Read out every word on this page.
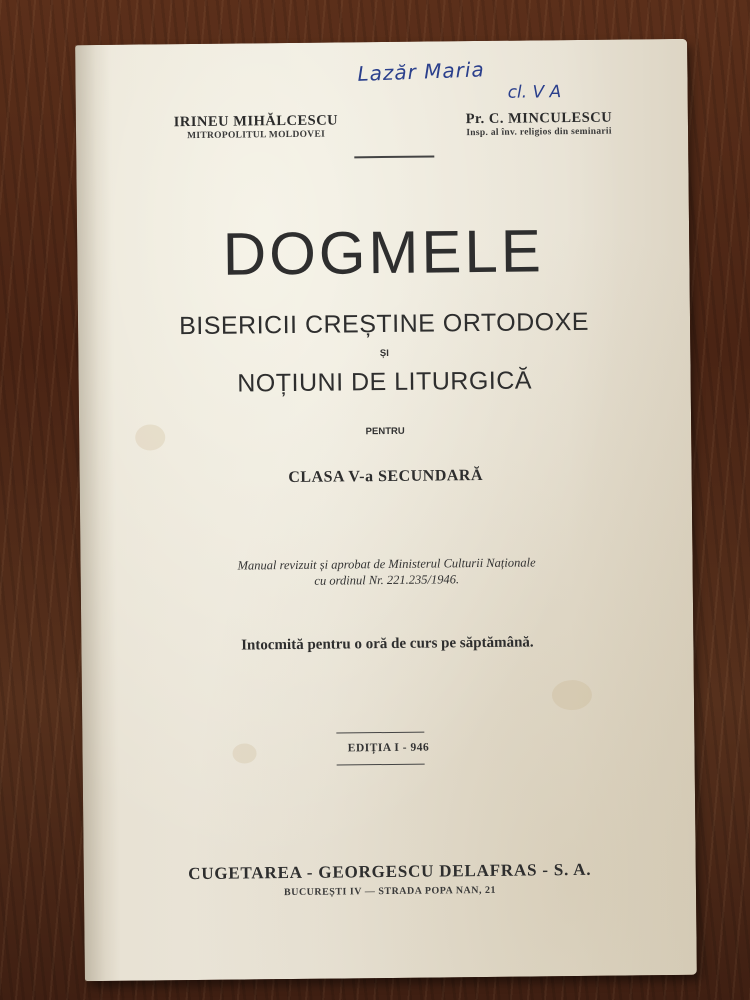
Lazăr Maria
cl. V A
IRINEU MIHĂLCESCU
MITROPOLITUL MOLDOVEI
Pr. C. MINCULESCU
Insp. al înv. religios din seminarii
DOGMELE
BISERICII CREȘTINE ORTODOXE
ȘI
NOȚIUNI DE LITURGICĂ
PENTRU
CLASA V-a SECUNDARĂ
Manual revizuit și aprobat de Ministerul Culturii Naționale
cu ordinul Nr. 221.235/1946.
Intocmită pentru o oră de curs pe săptămână.
EDIȚIA I - 946
CUGETAREA - GEORGESCU DELAFRAS - S. A.
BUCUREȘTI IV — STRADA POPA NAN, 21
